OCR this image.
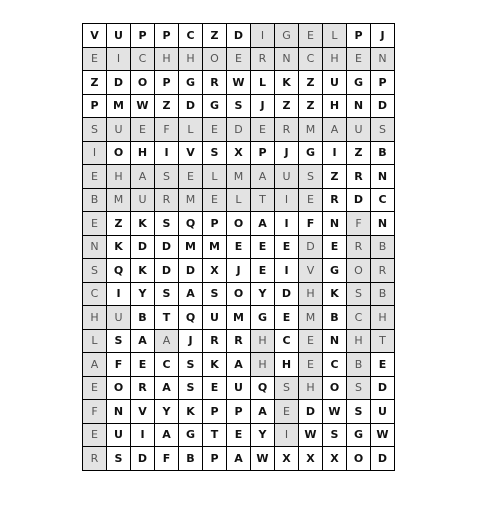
V	U	P	P	C	Z	D	I	G	E	L	P	J
E	I	C	H	H	O	E	R	N	C	H	E	N
Z	D	O	P	G	R	W	L	K	Z	U	G	P
P	M	W	Z	D	G	S	J	Z	Z	H	N	D
S	U	E	F	L	E	D	E	R	M	A	U	S
I	O	H	I	V	S	X	P	J	G	I	Z	B
E	H	A	S	E	L	M	A	U	S	Z	R	N
B	M	U	R	M	E	L	T	I	E	R	D	C
E	Z	K	S	Q	P	O	A	I	F	N	F	N
N	K	D	D	M	M	E	E	E	D	E	R	B
S	Q	K	D	D	X	J	E	I	V	G	O	R
C	I	Y	S	A	S	O	Y	D	H	K	S	B
H	U	B	T	Q	U	M	G	E	M	B	C	H
L	S	A	A	J	R	R	H	C	E	N	H	T
A	F	E	C	S	K	A	H	H	E	C	B	E
E	O	R	A	S	E	U	Q	S	H	O	S	D
F	N	V	Y	K	P	P	A	E	D	W	S	U
E	U	I	A	G	T	E	Y	I	W	S	G	W
R	S	D	F	B	P	A	W	X	X	X	O	D
